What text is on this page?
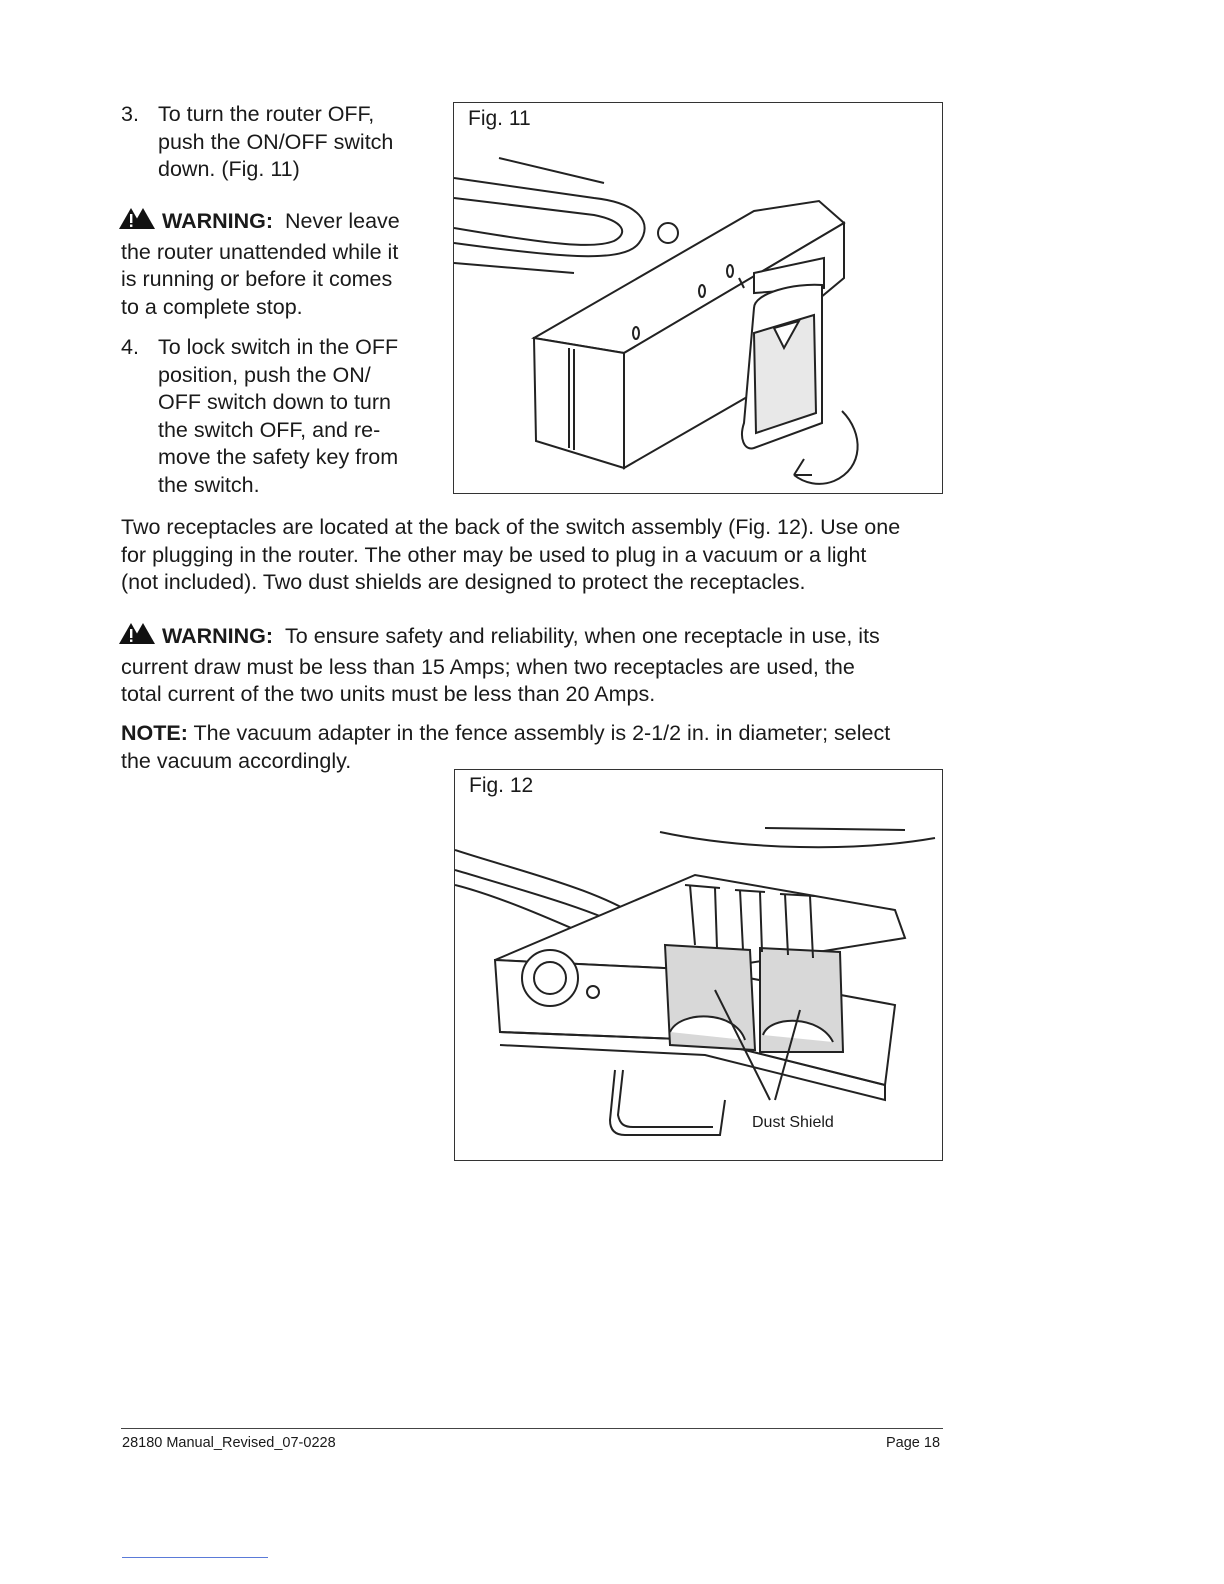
3. To turn the router OFF,
push the ON/OFF switch
down. (Fig. 11)
WARNING: Never leave
the router unattended while it
is running or before it comes
to a complete stop.
4. To lock switch in the OFF
position, push the ON/
OFF switch down to turn
the switch OFF, and re-
move the safety key from
the switch.
Fig. 11
Two receptacles are located at the back of the switch assembly (Fig. 12). Use one
for plugging in the router. The other may be used to plug in a vacuum or a light
(not included). Two dust shields are designed to protect the receptacles.
WARNING: To ensure safety and reliability, when one receptacle in use, its
current draw must be less than 15 Amps; when two receptacles are used, the
total current of the two units must be less than 20 Amps.
NOTE: The vacuum adapter in the fence assembly is 2-1/2 in. in diameter; select
the vacuum accordingly.
Fig. 12
Dust Shield
28180 Manual_Revised_07-0228	Page 18
